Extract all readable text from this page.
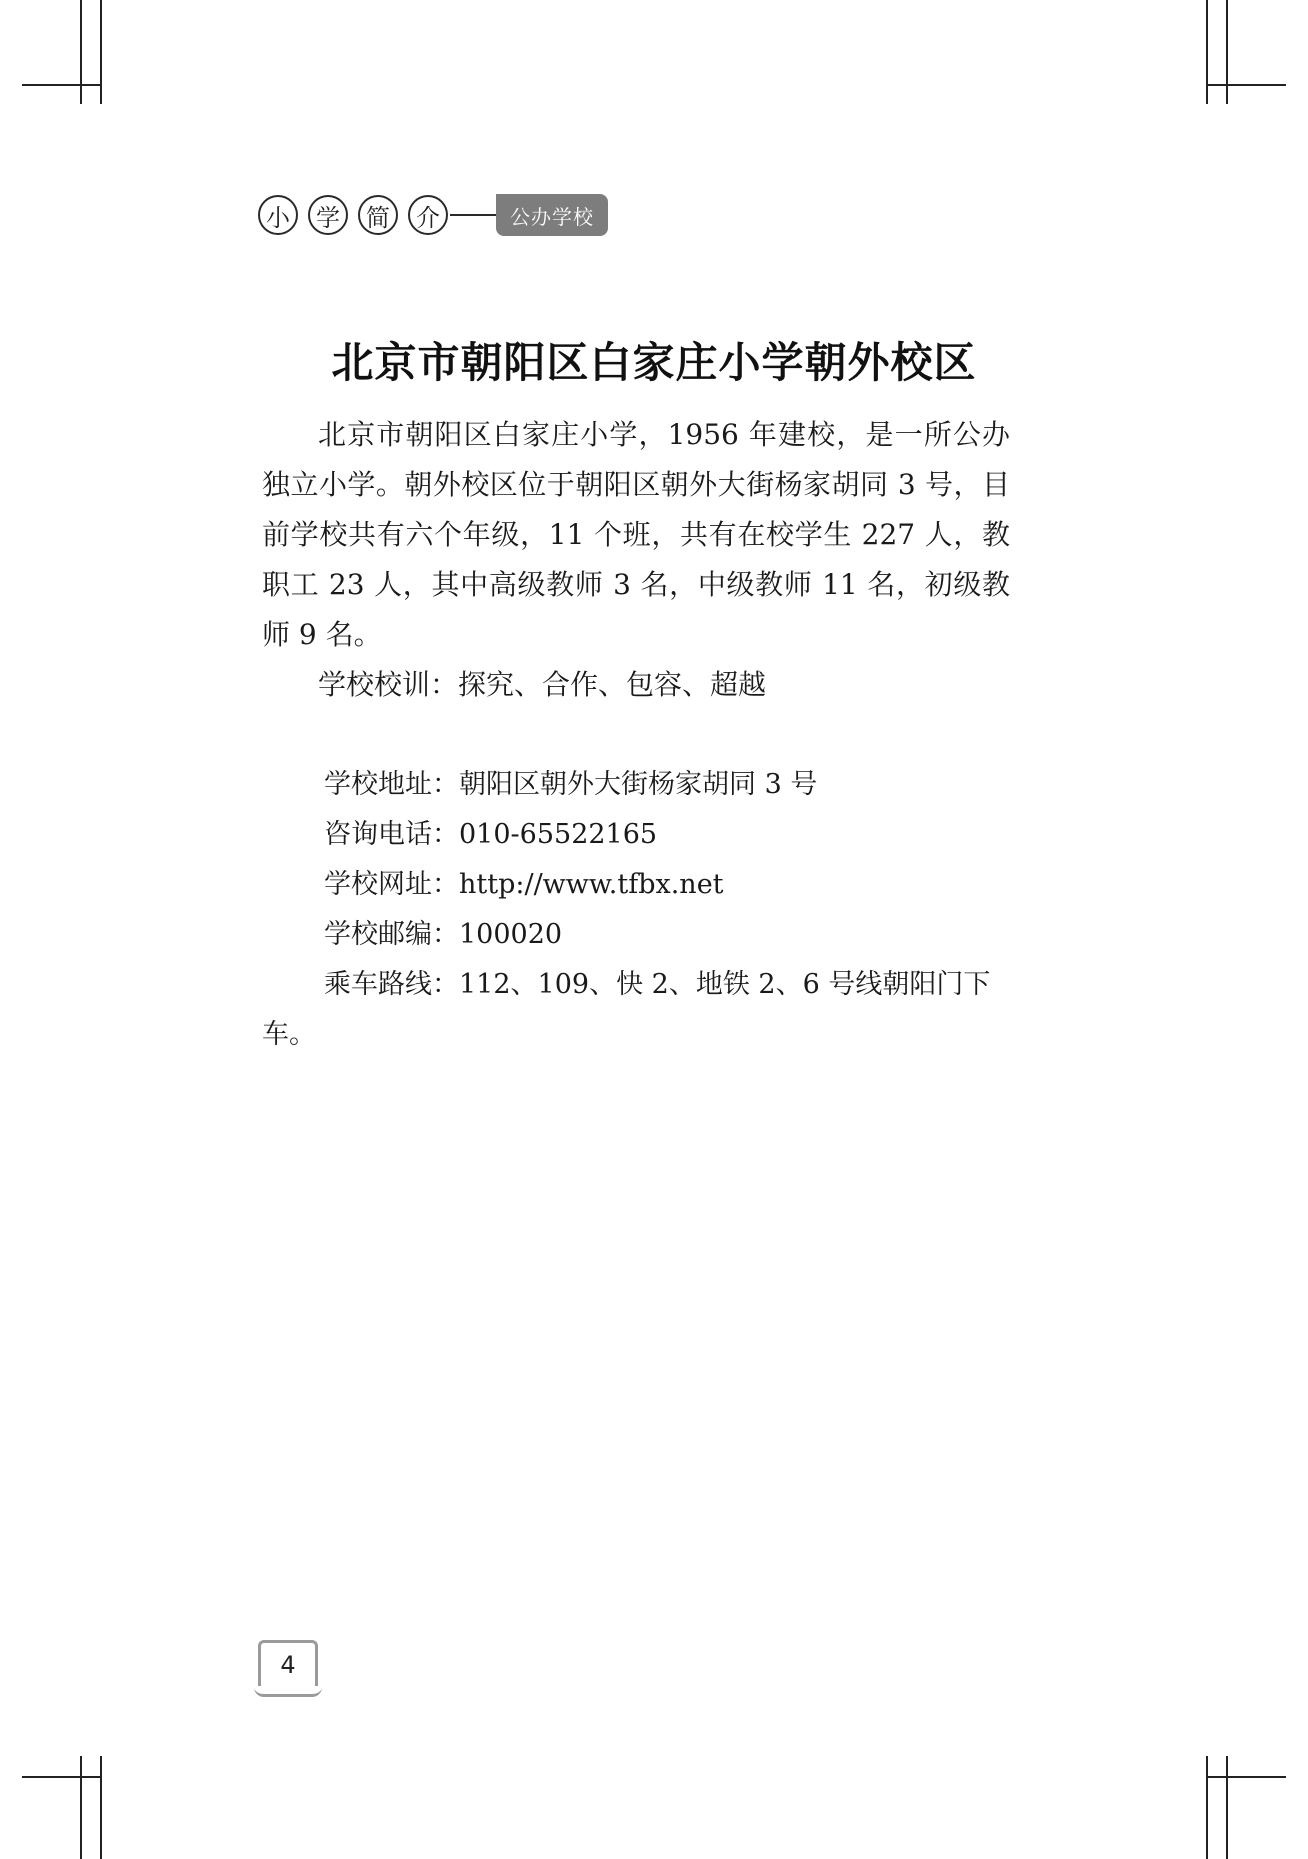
小	学	简	介	公办学校
北京市朝阳区白家庄小学朝外校区

北京市朝阳区白家庄小学，1956 年建校，是一所公办独立小学。朝外校区位于朝阳区朝外大街杨家胡同 3 号，目前学校共有六个年级，11 个班，共有在校学生 227 人，教职工 23 人，其中高级教师 3 名，中级教师 11 名，初级教师 9 名。

学校校训：探究、合作、包容、超越

学校地址：朝阳区朝外大街杨家胡同 3 号
咨询电话：010-65522165
学校网址：http://www.tfbx.net
学校邮编：100020
乘车路线：112、109、快 2、地铁 2、6 号线朝阳门下车。
4
